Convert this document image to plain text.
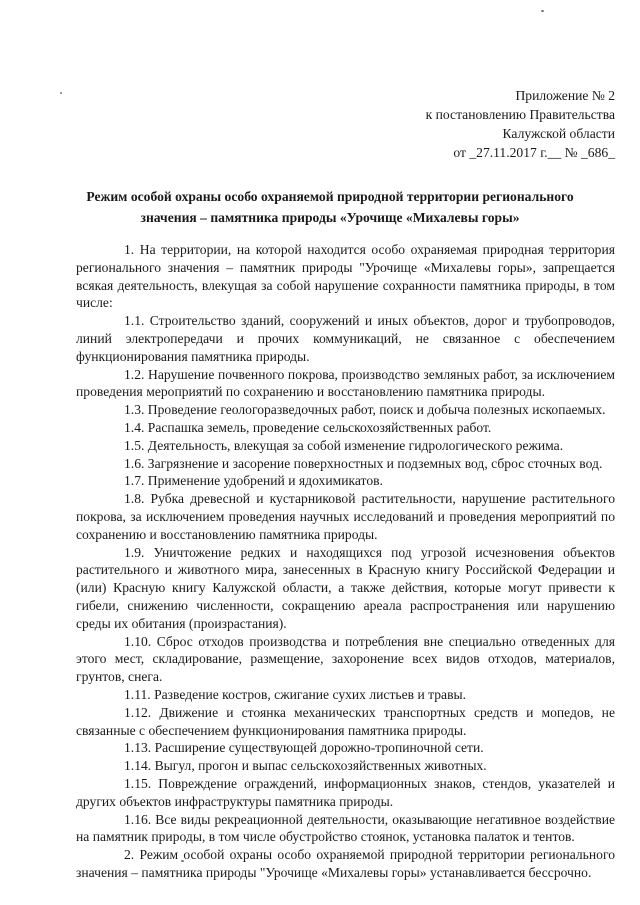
Приложение № 2
к постановлению Правительства
Калужской области
от _27.11.2017 г.__ № _686_
Режим особой охраны особо охраняемой природной территории регионального
значения – памятника природы «Урочище «Михалевы горы»

1. На территории, на которой находится особо охраняемая природная территория регионального значения – памятник природы "Урочище «Михалевы горы», запрещается всякая деятельность, влекущая за собой нарушение сохранности памятника природы, в том числе:

1.1. Строительство зданий, сооружений и иных объектов, дорог и трубопроводов, линий электропередачи и прочих коммуникаций, не связанное с обеспечением функционирования памятника природы.

1.2. Нарушение почвенного покрова, производство земляных работ, за исключением проведения мероприятий по сохранению и восстановлению памятника природы.

1.3. Проведение геологоразведочных работ, поиск и добыча полезных ископаемых.

1.4. Распашка земель, проведение сельскохозяйственных работ.

1.5. Деятельность, влекущая за собой изменение гидрологического режима.

1.6. Загрязнение и засорение поверхностных и подземных вод, сброс сточных вод.

1.7. Применение удобрений и ядохимикатов.

1.8. Рубка древесной и кустарниковой растительности, нарушение растительного покрова, за исключением проведения научных исследований и проведения мероприятий по сохранению и восстановлению памятника природы.

1.9. Уничтожение редких и находящихся под угрозой исчезновения объектов растительного и животного мира, занесенных в Красную книгу Российской Федерации и (или) Красную книгу Калужской области, а также действия, которые могут привести к гибели, снижению численности, сокращению ареала распространения или нарушению среды их обитания (произрастания).

1.10. Сброс отходов производства и потребления вне специально отведенных для этого мест, складирование, размещение, захоронение всех видов отходов, материалов, грунтов, снега.

1.11. Разведение костров, сжигание сухих листьев и травы.

1.12. Движение и стоянка механических транспортных средств и мопедов, не связанные с обеспечением функционирования памятника природы.

1.13. Расширение существующей дорожно-тропиночной сети.

1.14. Выгул, прогон и выпас сельскохозяйственных животных.

1.15. Повреждение ограждений, информационных знаков, стендов, указателей и других объектов инфраструктуры памятника природы.

1.16. Все виды рекреационной деятельности, оказывающие негативное воздействие на памятник природы, в том числе обустройство стоянок, установка палаток и тентов.

2. Режим особой охраны особо охраняемой природной территории регионального значения – памятника природы "Урочище «Михалевы горы» устанавливается бессрочно.
